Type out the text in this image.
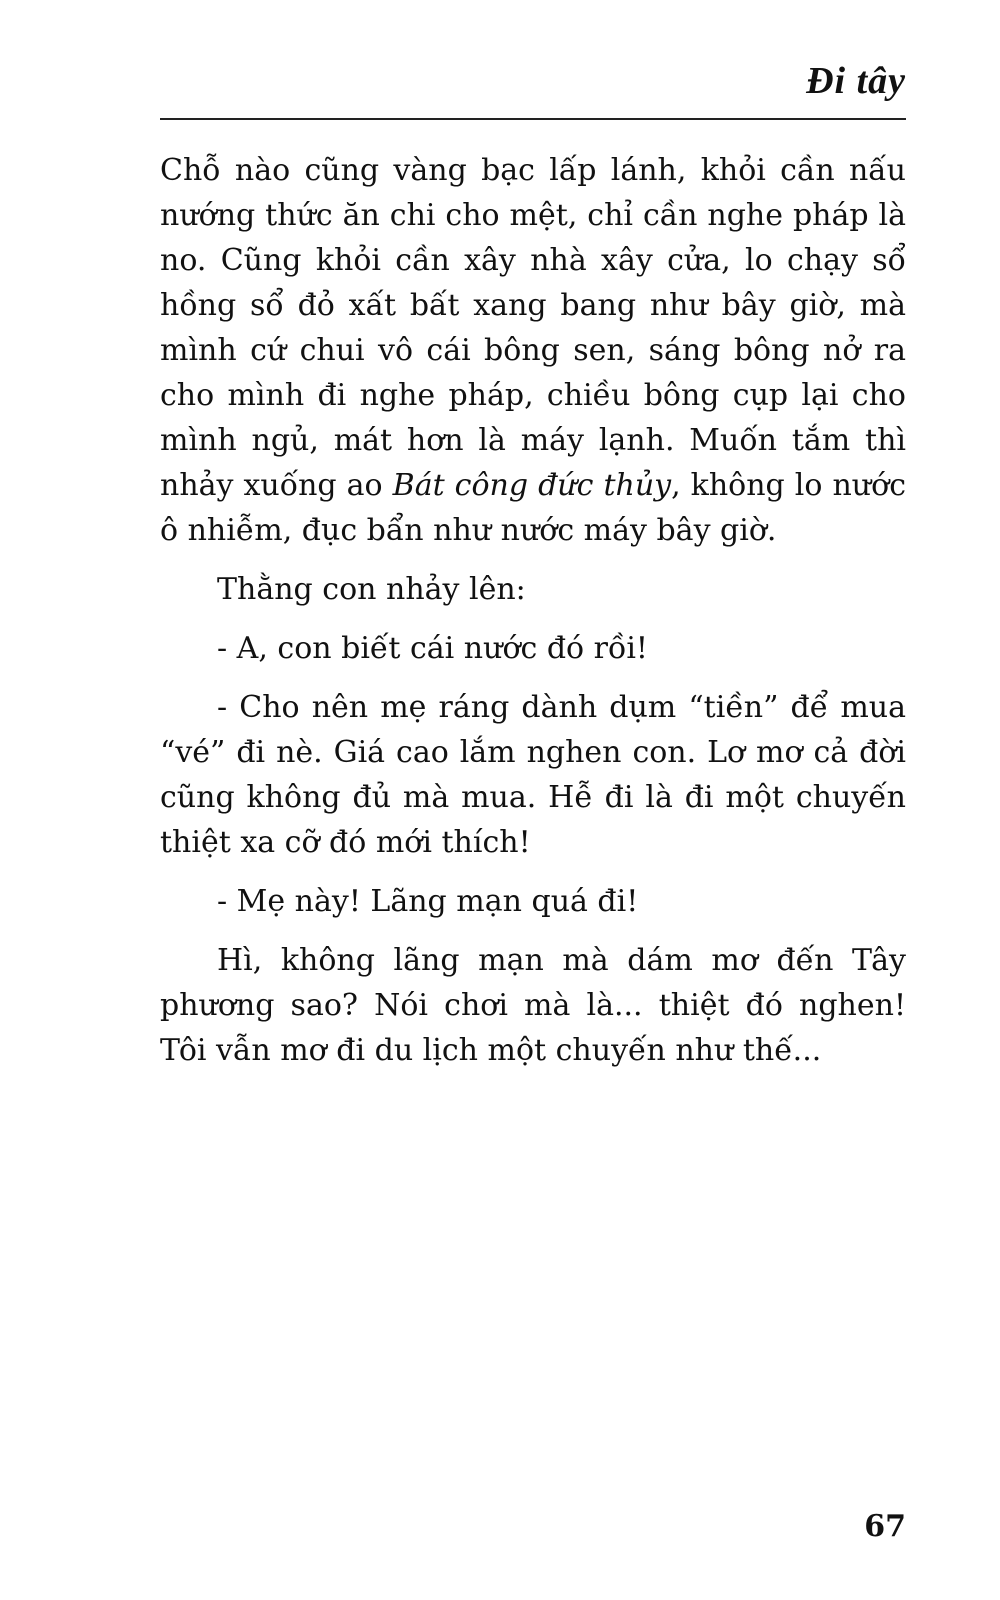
Đi tây

Chỗ nào cũng vàng bạc lấp lánh, khỏi cần nấu nướng thức ăn chi cho mệt, chỉ cần nghe pháp là no. Cũng khỏi cần xây nhà xây cửa, lo chạy sổ hồng sổ đỏ xất bất xang bang như bây giờ, mà mình cứ chui vô cái bông sen, sáng bông nở ra cho mình đi nghe pháp, chiều bông cụp lại cho mình ngủ, mát hơn là máy lạnh. Muốn tắm thì nhảy xuống ao Bát công đức thủy, không lo nước ô nhiễm, đục bẩn như nước máy bây giờ.

Thằng con nhảy lên:

- A, con biết cái nước đó rồi!

- Cho nên mẹ ráng dành dụm “tiền” để mua “vé” đi nè. Giá cao lắm nghen con. Lơ mơ cả đời cũng không đủ mà mua. Hễ đi là đi một chuyến thiệt xa cỡ đó mới thích!

- Mẹ này! Lãng mạn quá đi!

Hì, không lãng mạn mà dám mơ đến Tây phương sao? Nói chơi mà là... thiệt đó nghen! Tôi vẫn mơ đi du lịch một chuyến như thế...

67
